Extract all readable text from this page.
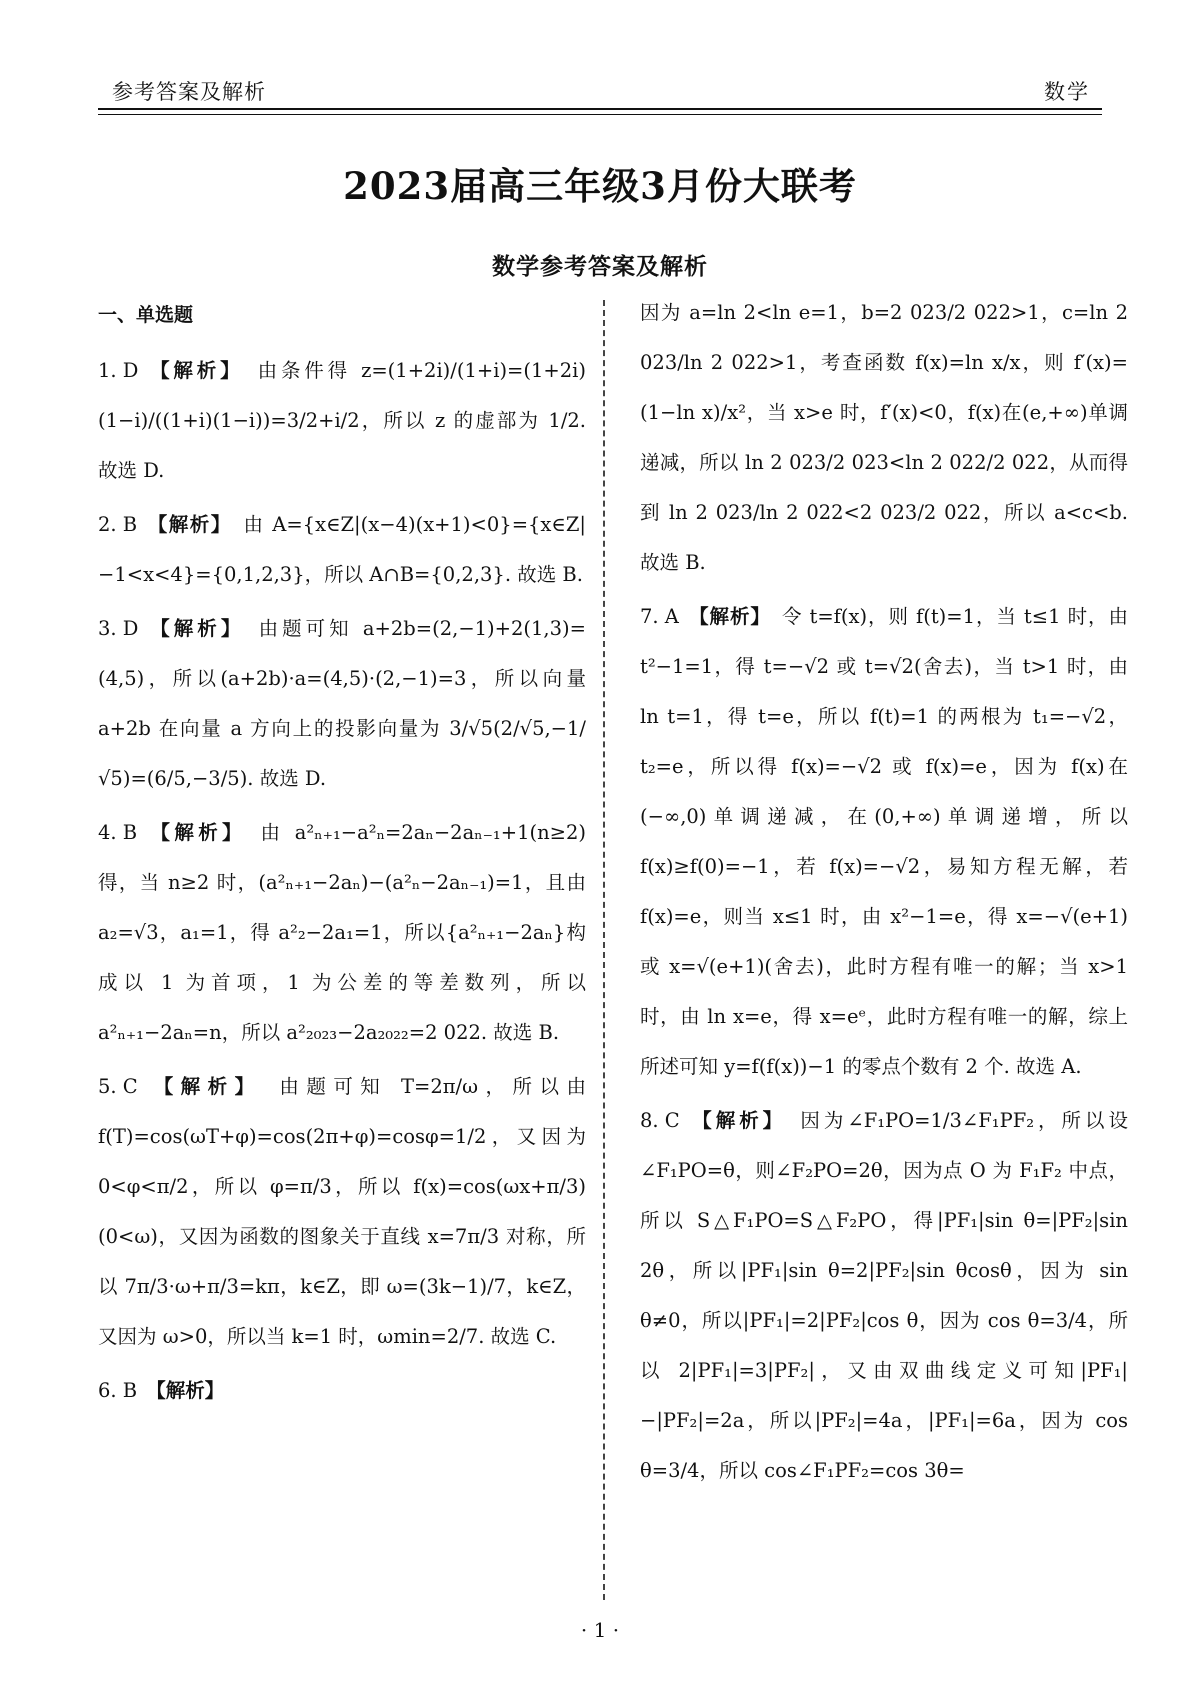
参考答案及解析	数学
2023届高三年级3月份大联考
数学参考答案及解析
一、单选题
1. D 【解析】 由条件得 z=(1+2i)/(1+i)=(1+2i)(1−i)/((1+i)(1−i))=3/2+i/2，所以 z 的虚部为 1/2. 故选 D.
2. B 【解析】 由 A={x∈Z|(x−4)(x+1)<0}={x∈Z|−1<x<4}={0,1,2,3}，所以 A∩B={0,2,3}. 故选 B.
3. D 【解析】 由题可知 a+2b=(2,−1)+2(1,3)=(4,5)，所以(a+2b)·a=(4,5)·(2,−1)=3，所以向量 a+2b 在向量 a 方向上的投影向量为 3/√5(2/√5,−1/√5)=(6/5,−3/5). 故选 D.
4. B 【解析】 由 a²ₙ₊₁−a²ₙ=2aₙ−2aₙ₋₁+1(n≥2)得，当 n≥2 时，(a²ₙ₊₁−2aₙ)−(a²ₙ−2aₙ₋₁)=1，且由 a₂=√3，a₁=1，得 a²₂−2a₁=1，所以{a²ₙ₊₁−2aₙ}构成以 1 为首项，1 为公差的等差数列，所以 a²ₙ₊₁−2aₙ=n，所以 a²₂₀₂₃−2a₂₀₂₂=2 022. 故选 B.
5. C 【解析】 由题可知 T=2π/ω，所以由 f(T)=cos(ωT+φ)=cos(2π+φ)=cosφ=1/2，又因为 0<φ<π/2，所以 φ=π/3，所以 f(x)=cos(ωx+π/3)(0<ω)，又因为函数的图象关于直线 x=7π/3 对称，所以 7π/3·ω+π/3=kπ，k∈Z，即 ω=(3k−1)/7，k∈Z，又因为 ω>0，所以当 k=1 时，ωmin=2/7. 故选 C.
6. B 【解析】
因为 a=ln 2<ln e=1，b=2 023/2 022>1，c=ln 2 023/ln 2 022>1，考查函数 f(x)=ln x/x，则 f′(x)=(1−ln x)/x²，当 x>e 时，f′(x)<0，f(x)在(e,+∞)单调递减，所以 ln 2 023/2 023<ln 2 022/2 022，从而得到 ln 2 023/ln 2 022<2 023/2 022，所以 a<c<b. 故选 B.
7. A 【解析】 令 t=f(x)，则 f(t)=1，当 t≤1 时，由 t²−1=1，得 t=−√2 或 t=√2(舍去)，当 t>1 时，由 ln t=1，得 t=e，所以 f(t)=1 的两根为 t₁=−√2，t₂=e，所以得 f(x)=−√2 或 f(x)=e，因为 f(x)在(−∞,0)单调递减，在(0,+∞)单调递增，所以 f(x)≥f(0)=−1，若 f(x)=−√2，易知方程无解，若 f(x)=e，则当 x≤1 时，由 x²−1=e，得 x=−√(e+1) 或 x=√(e+1)(舍去)，此时方程有唯一的解；当 x>1 时，由 ln x=e，得 x=eᵉ，此时方程有唯一的解，综上所述可知 y=f(f(x))−1 的零点个数有 2 个. 故选 A.
8. C 【解析】 因为∠F₁PO=1/3∠F₁PF₂，所以设∠F₁PO=θ，则∠F₂PO=2θ，因为点 O 为 F₁F₂ 中点，所以 S△F₁PO=S△F₂PO，得|PF₁|sin θ=|PF₂|sin 2θ，所以|PF₁|sin θ=2|PF₂|sin θcosθ，因为 sin θ≠0，所以|PF₁|=2|PF₂|cos θ，因为 cos θ=3/4，所以 2|PF₁|=3|PF₂|，又由双曲线定义可知|PF₁|−|PF₂|=2a，所以|PF₂|=4a，|PF₁|=6a，因为 cos θ=3/4，所以 cos∠F₁PF₂=cos 3θ=
· 1 ·
